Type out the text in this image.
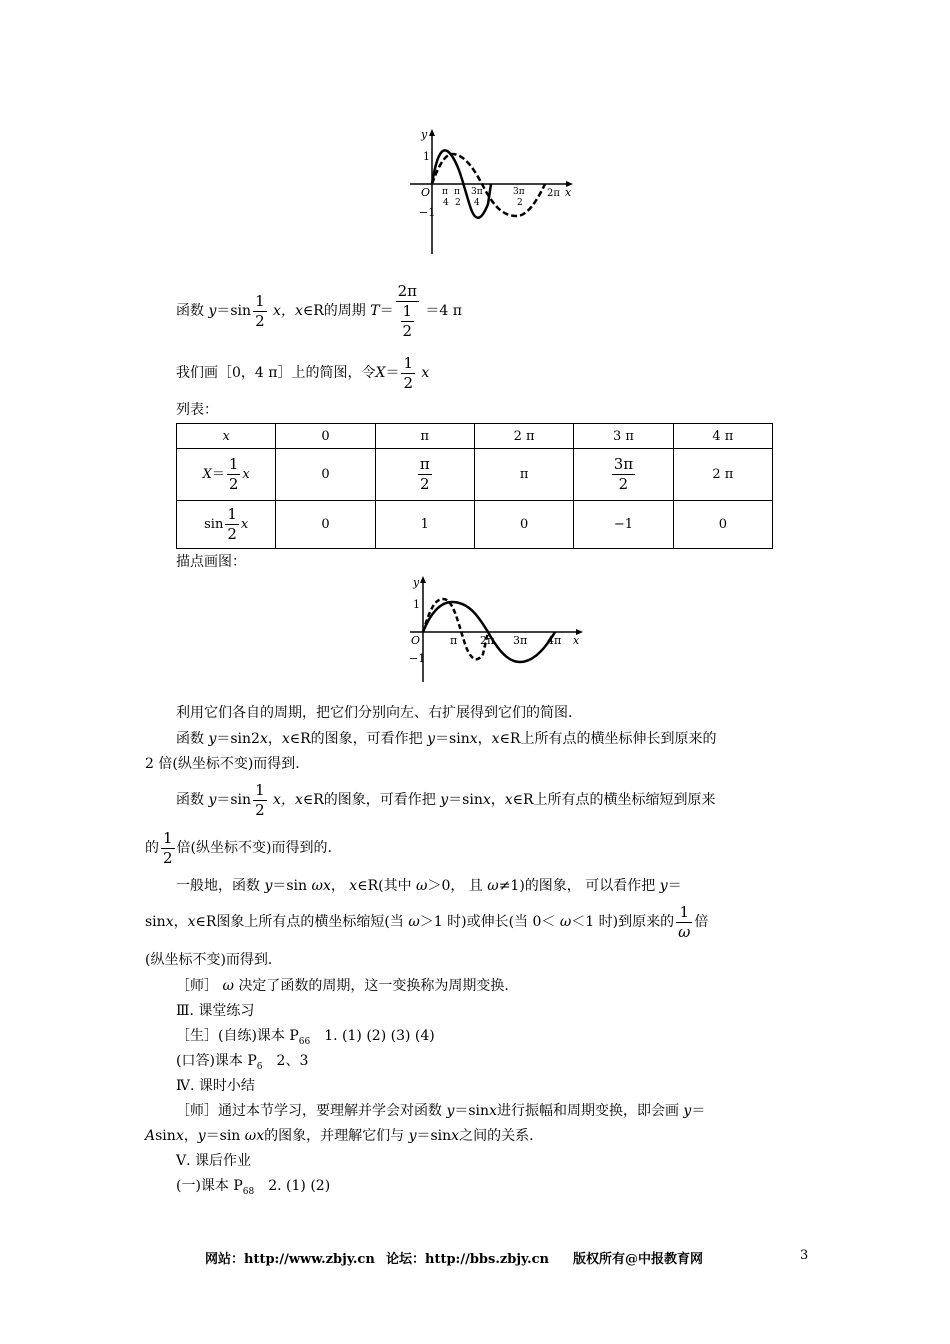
y
x
O
1
−1
π
4
π
2
3π
4
3π
2
2π
函数 $y=\sin \frac{1}{2}$ x，x∈R的周期 $T= \frac{2\pi}{\frac{1}{2}} =4$ π
我们画［0，4 π］上的简图，令$X= \frac{1}{2}$ x
列表：
x	0	π	2 π	3 π	4 π
$X= \frac{1}{2}$ x	0	$\frac{\pi}{2}$	π	$\frac{3\pi}{2}$	2 π
$\sin \frac{1}{2}$ x	0	1	0	−1	0
描点画图：
y
x
O
1
−1
π 2π 3π 4π
利用它们各自的周期，把它们分别向左、右扩展得到它们的简图.
函数 y＝sin2x，x∈R的图象，可看作把 y＝sinx，x∈R上所有点的横坐标伸长到原来的
2 倍(纵坐标不变)而得到.
函数 $y=\sin \frac{1}{2}$ x，x∈R的图象，可看作把 y＝sinx，x∈R上所有点的横坐标缩短到原来
的 $\frac{1}{2}$ 倍(纵坐标不变)而得到的.
一般地，函数 y＝sin ωx， x∈R(其中 ω＞0， 且 ω≠1)的图象， 可以看作把 y＝
sinx，x∈R图象上所有点的横坐标缩短(当 ω＞1 时)或伸长(当 0＜ ω＜1 时)到原来的 $\frac{1}{\omega}$ 倍
(纵坐标不变)而得到.
［师］ ω 决定了函数的周期，这一变换称为周期变换.
Ⅲ. 课堂练习
［生］(自练)课本 $P_{66}$　1. (1) (2) (3) (4)
(口答)课本 $P_6$　2、3
Ⅳ. 课时小结
［师］通过本节学习，要理解并学会对函数 y＝sinx进行振幅和周期变换，即会画 y＝
Asinx，y＝sin ωx的图象，并理解它们与 y＝sinx之间的关系.
Ⅴ. 课后作业
(一)课本 $P_{68}$　2. (1) (2)
网站：http://www.zbjy.cn 论坛：http://bbs.zbjy.cn 版权所有@中报教育网	3
